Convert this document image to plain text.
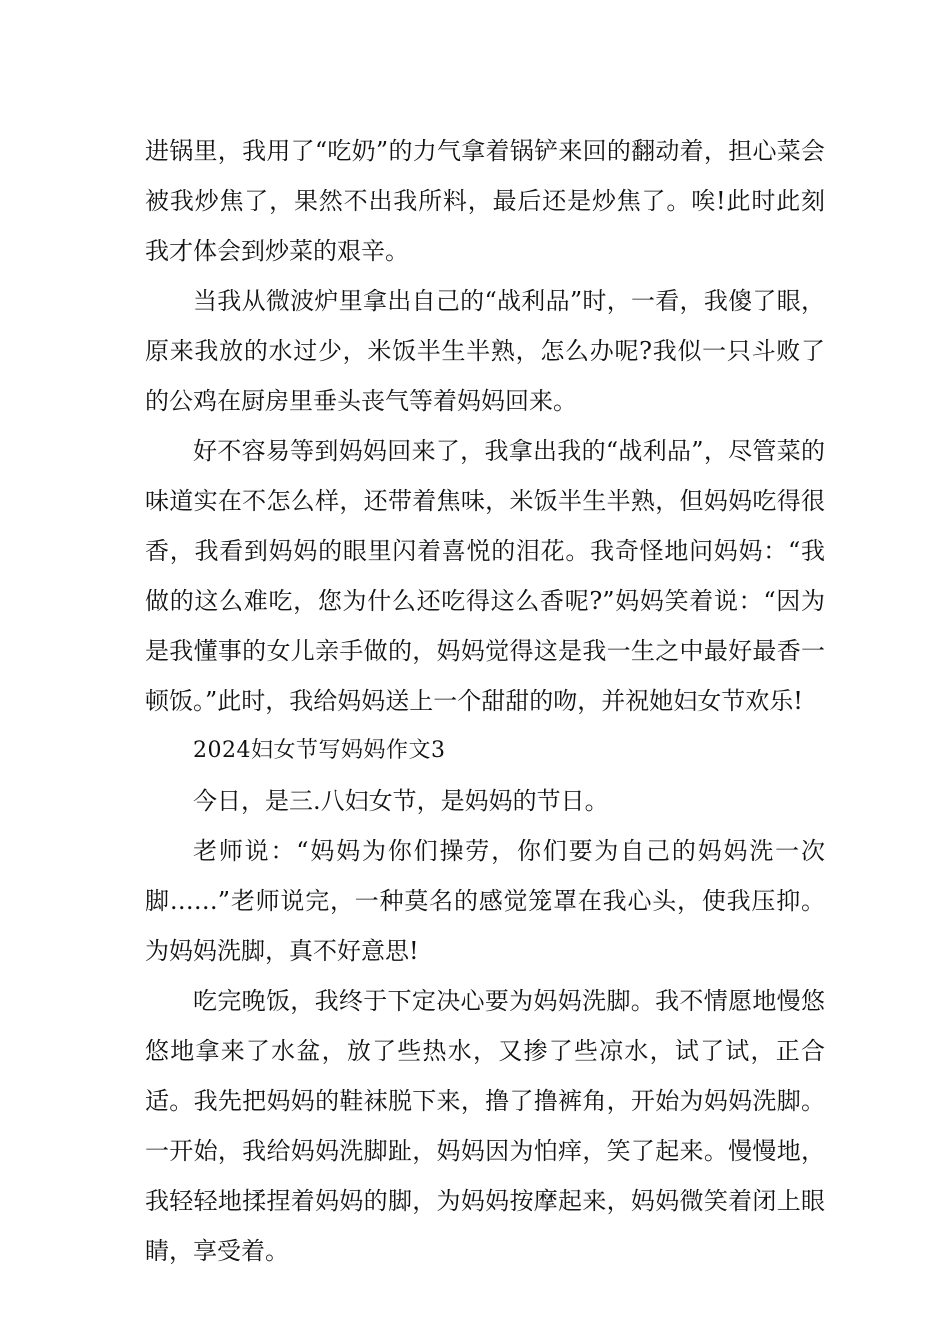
进锅里，我用了“吃奶”的力气拿着锅铲来回的翻动着，担心菜会被我炒焦了，果然不出我所料，最后还是炒焦了。唉!此时此刻我才体会到炒菜的艰辛。

当我从微波炉里拿出自己的“战利品”时，一看，我傻了眼，原来我放的水过少，米饭半生半熟，怎么办呢?我似一只斗败了的公鸡在厨房里垂头丧气等着妈妈回来。

好不容易等到妈妈回来了，我拿出我的“战利品”，尽管菜的味道实在不怎么样，还带着焦味，米饭半生半熟，但妈妈吃得很香，我看到妈妈的眼里闪着喜悦的泪花。我奇怪地问妈妈：“我做的这么难吃，您为什么还吃得这么香呢?”妈妈笑着说：“因为是我懂事的女儿亲手做的，妈妈觉得这是我一生之中最好最香一顿饭。”此时，我给妈妈送上一个甜甜的吻，并祝她妇女节欢乐!

2024妇女节写妈妈作文3

今日，是三.八妇女节，是妈妈的节日。

老师说：“妈妈为你们操劳，你们要为自己的妈妈洗一次脚……”老师说完，一种莫名的感觉笼罩在我心头，使我压抑。为妈妈洗脚，真不好意思!

吃完晚饭，我终于下定决心要为妈妈洗脚。我不情愿地慢悠悠地拿来了水盆，放了些热水，又掺了些凉水，试了试，正合适。我先把妈妈的鞋袜脱下来，撸了撸裤角，开始为妈妈洗脚。一开始，我给妈妈洗脚趾，妈妈因为怕痒，笑了起来。慢慢地，我轻轻地揉捏着妈妈的脚，为妈妈按摩起来，妈妈微笑着闭上眼睛，享受着。
